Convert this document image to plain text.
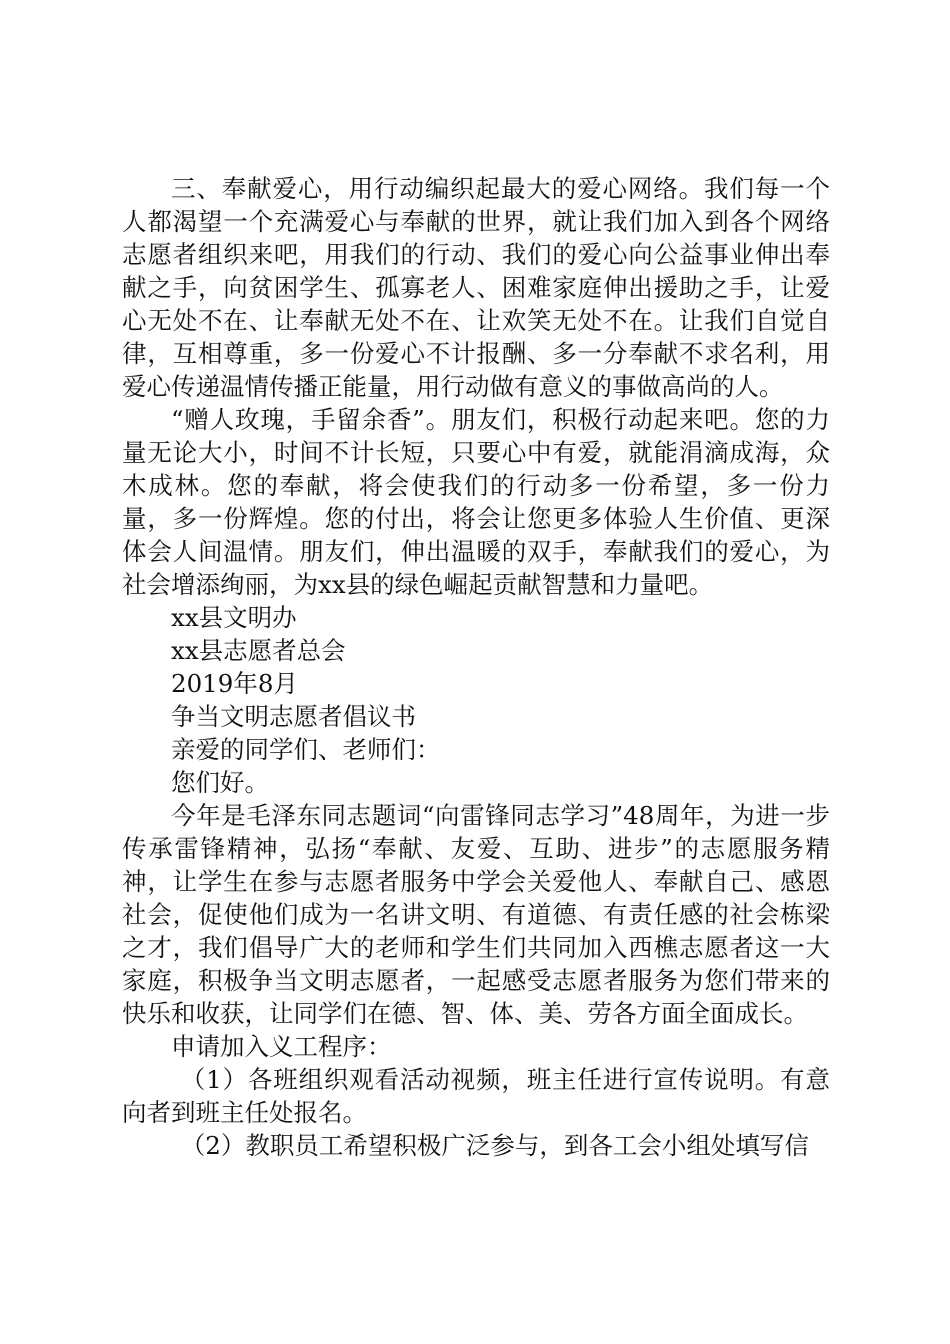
三、奉献爱心，用行动编织起最大的爱心网络。我们每一个人都渴望一个充满爱心与奉献的世界，就让我们加入到各个网络志愿者组织来吧，用我们的行动、我们的爱心向公益事业伸出奉献之手，向贫困学生、孤寡老人、困难家庭伸出援助之手，让爱心无处不在、让奉献无处不在、让欢笑无处不在。让我们自觉自律，互相尊重，多一份爱心不计报酬、多一分奉献不求名利，用爱心传递温情传播正能量，用行动做有意义的事做高尚的人。

“赠人玫瑰，手留余香”。朋友们，积极行动起来吧。您的力量无论大小，时间不计长短，只要心中有爱，就能涓滴成海，众木成林。您的奉献，将会使我们的行动多一份希望，多一份力量，多一份辉煌。您的付出，将会让您更多体验人生价值、更深体会人间温情。朋友们，伸出温暖的双手，奉献我们的爱心，为社会增添绚丽，为xx县的绿色崛起贡献智慧和力量吧。

xx县文明办

xx县志愿者总会

2019年8月

争当文明志愿者倡议书

亲爱的同学们、老师们：

您们好。

今年是毛泽东同志题词“向雷锋同志学习”48周年，为进一步传承雷锋精神，弘扬“奉献、友爱、互助、进步”的志愿服务精神，让学生在参与志愿者服务中学会关爱他人、奉献自己、感恩社会，促使他们成为一名讲文明、有道德、有责任感的社会栋梁之才，我们倡导广大的老师和学生们共同加入西樵志愿者这一大家庭，积极争当文明志愿者，一起感受志愿者服务为您们带来的快乐和收获，让同学们在德、智、体、美、劳各方面全面成长。

申请加入义工程序：

（1）各班组织观看活动视频，班主任进行宣传说明。有意向者到班主任处报名。

（2）教职员工希望积极广泛参与，到各工会小组处填写信
